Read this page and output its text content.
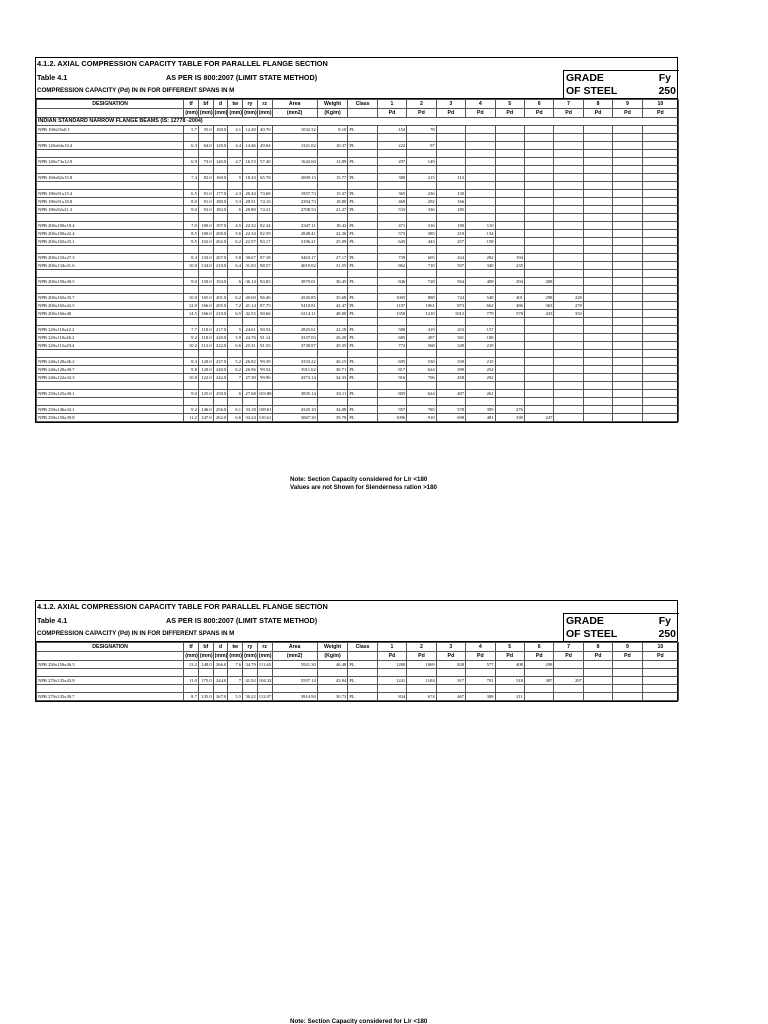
4.1.2. AXIAL COMPRESSION CAPACITY TABLE FOR PARALLEL FLANGE SECTION
Table 4.1	AS PER IS 800:2007 (LIMIT STATE METHOD)
COMPRESSION CAPACITY (Pd) IN IN FOR DIFFERENT SPANS IN M
GRADE
OF STEEL
Fy
250
DESIGNATION	tf	bf	d	tw	ry	rz	Area	Weight	Class	1	2	3	4	5	6	7	8	9	10
	(mm)	(mm)	(mm)	(mm)	(mm)	(mm)	(mm2)	(Kg/m)		Pd	Pd	Pd	Pd	Pd	Pd	Pd	Pd	Pd	Pd
INDIAN STANDARD NARROW FLANGE BEAMS (IS: 12778 -2004)																			
NPB 100x55x8.1	5.7	55.0	100.0	4.1	12.40	40.70	1032.32	8.10	PL	154	78								

NPB 120x64x10.4	6.3	64.0	120.0	4.4	14.46	49.04	1321.02	10.37	PL	222	97								

NPB 140x73x12.9	6.9	73.0	140.0	4.7	16.53	57.40	1642.60	12.89	PL	297	149								

NPB 160x82x15.8	7.4	82.0	160.0	5	18.43	65.78	2009.13	15.77	PL	380	215	112							

NPB 180x91x15.4	6.5	91.0	177.0	4.3	20.44	73.68	1957.73	15.37	PL	365	236	130							
NPB 180x91x18.8	8.0	91.0	180.0	5.3	20.51	74.16	2394.73	18.80	PL	469	292	166							
NPB 180x92x21.3	9.0	92.0	182.0	6	20.80	74.31	2708.53	21.27	PL	533	336	185							

NPB 200x100x18.4	7.0	100.0	197.0	4.5	22.32	82.34	2347.11	18.42	PL	471	316	180	110						
NPB 200x100x22.4	8.5	100.0	200.0	5.6	22.34	82.59	2848.41	22.36	PL	573	385	219	134						
NPB 200x102x25.1	9.5	102.0	202.0	6.2	22.97	83.17	3196.21	25.09	PL	645	443	257	158						

NPB 200x133x27.3	8.4	133.0	207.0	5.8	30.67	87.18	3463.17	27.17	PL	739	605	424	282	194					
NPB 200x134x31.6	10.0	134.0	210.0	6.4	31.03	88.57	4019.02	31.55	PL	862	710	507	340	235					

NPB 200x150x30.5	9.0	150.0	194.0	6	36.14	83.83	3879.01	30.45	PL	846	728	564	408	294	208				

NPB 200x165x35.7	10.0	165.0	201.0	6.2	40.60	86.46	4545.85	35.68	PL	1005	888	724	548	401	298	228			
NPB 200x165x42.5	12.0	166.0	205.0	7.2	41.14	87.75	5410.81	42.47	PL	1197	1061	873	662	486	363	278			
NPB 200x166x48	14.5	166.0	210.0	6.5	42.55	90.66	6114.11	48.00	PL	1358	1210	1012	779	578	433	333			

NPB 220x110x22.2	7.7	110.0	217.0	5	24.61	90.54	2825.61	22.18	PL	580	419	253	157						
NPB 220x110x26.2	9.2	110.0	220.0	5.9	24.76	91.14	3337.03	26.20	PL	685	497	301	188						
NPB 220x112x29.4	10.2	112.0	222.0	6.6	25.31	91.55	3738.97	29.35	PL	772	568	349	219						

NPB 240x120x26.2	8.3	120.0	237.0	5.2	26.82	99.39	3333.22	26.15	PL	695	530	339	215						
NPB 240x120x30.7	9.8	120.0	240.0	6.2	26.96	99.54	3911.62	30.71	PL	817	624	399	254						
NPB 240x122x34.3	10.8	122.0	242.0	7	27.39	99.96	4373.14	34.33	PL	916	706	458	292						

NPB 250x125x30.1	9.0	125.0	250.0	6	27.68	103.88	3835.14	30.11	PL	805	624	407	261						

NPB 250x146x34.1	9.2	146.0	256.0	6.1	33.18	108.61	4345.10	34.08	PL	957	785	578	395	276					
NPB 250x150x39.8	11.2	147.0	262.0	6.6	34.24	110.61	5067.30	39.78	PL	1096	910	698	481	339	247				
Note: Section Capacity considered for L/r <180
Values are not Shown for Slenderness ration >180
4.1.2. AXIAL COMPRESSION CAPACITY TABLE FOR PARALLEL FLANGE SECTION
Table 4.1	AS PER IS 800:2007 (LIMIT STATE METHOD)
COMPRESSION CAPACITY (Pd) IN IN FOR DIFFERENT SPANS IN M
GRADE
OF STEEL
Fy
250
DESIGNATION	tf	bf	d	tw	ry	rz	Area	Weight	Class	1	2	3	4	5	6	7	8	9	10
	(mm)	(mm)	(mm)	(mm)	(mm)	(mm)	(mm2)	(Kg/m)		Pd	Pd	Pd	Pd	Pd	Pd	Pd	Pd	Pd	Pd
NPB 250x150x46.5	13.2	148.0	266.0	7.6	34.79	111.65	5921.30	46.48	PL	1280	1069	828	577	408	298				

NPB 270x135x43.9	11.0	175.0	244.0	7	41.92	104.32	5597.14	43.94	PL	1241	1104	917	701	518	387	297			

NPB 270x135x30.7	8.7	135.0	267.0	5.5	30.22	112.07	3914.94	30.73	PL	834	674	467	308	211					
Note: Section Capacity considered for L/r <180
